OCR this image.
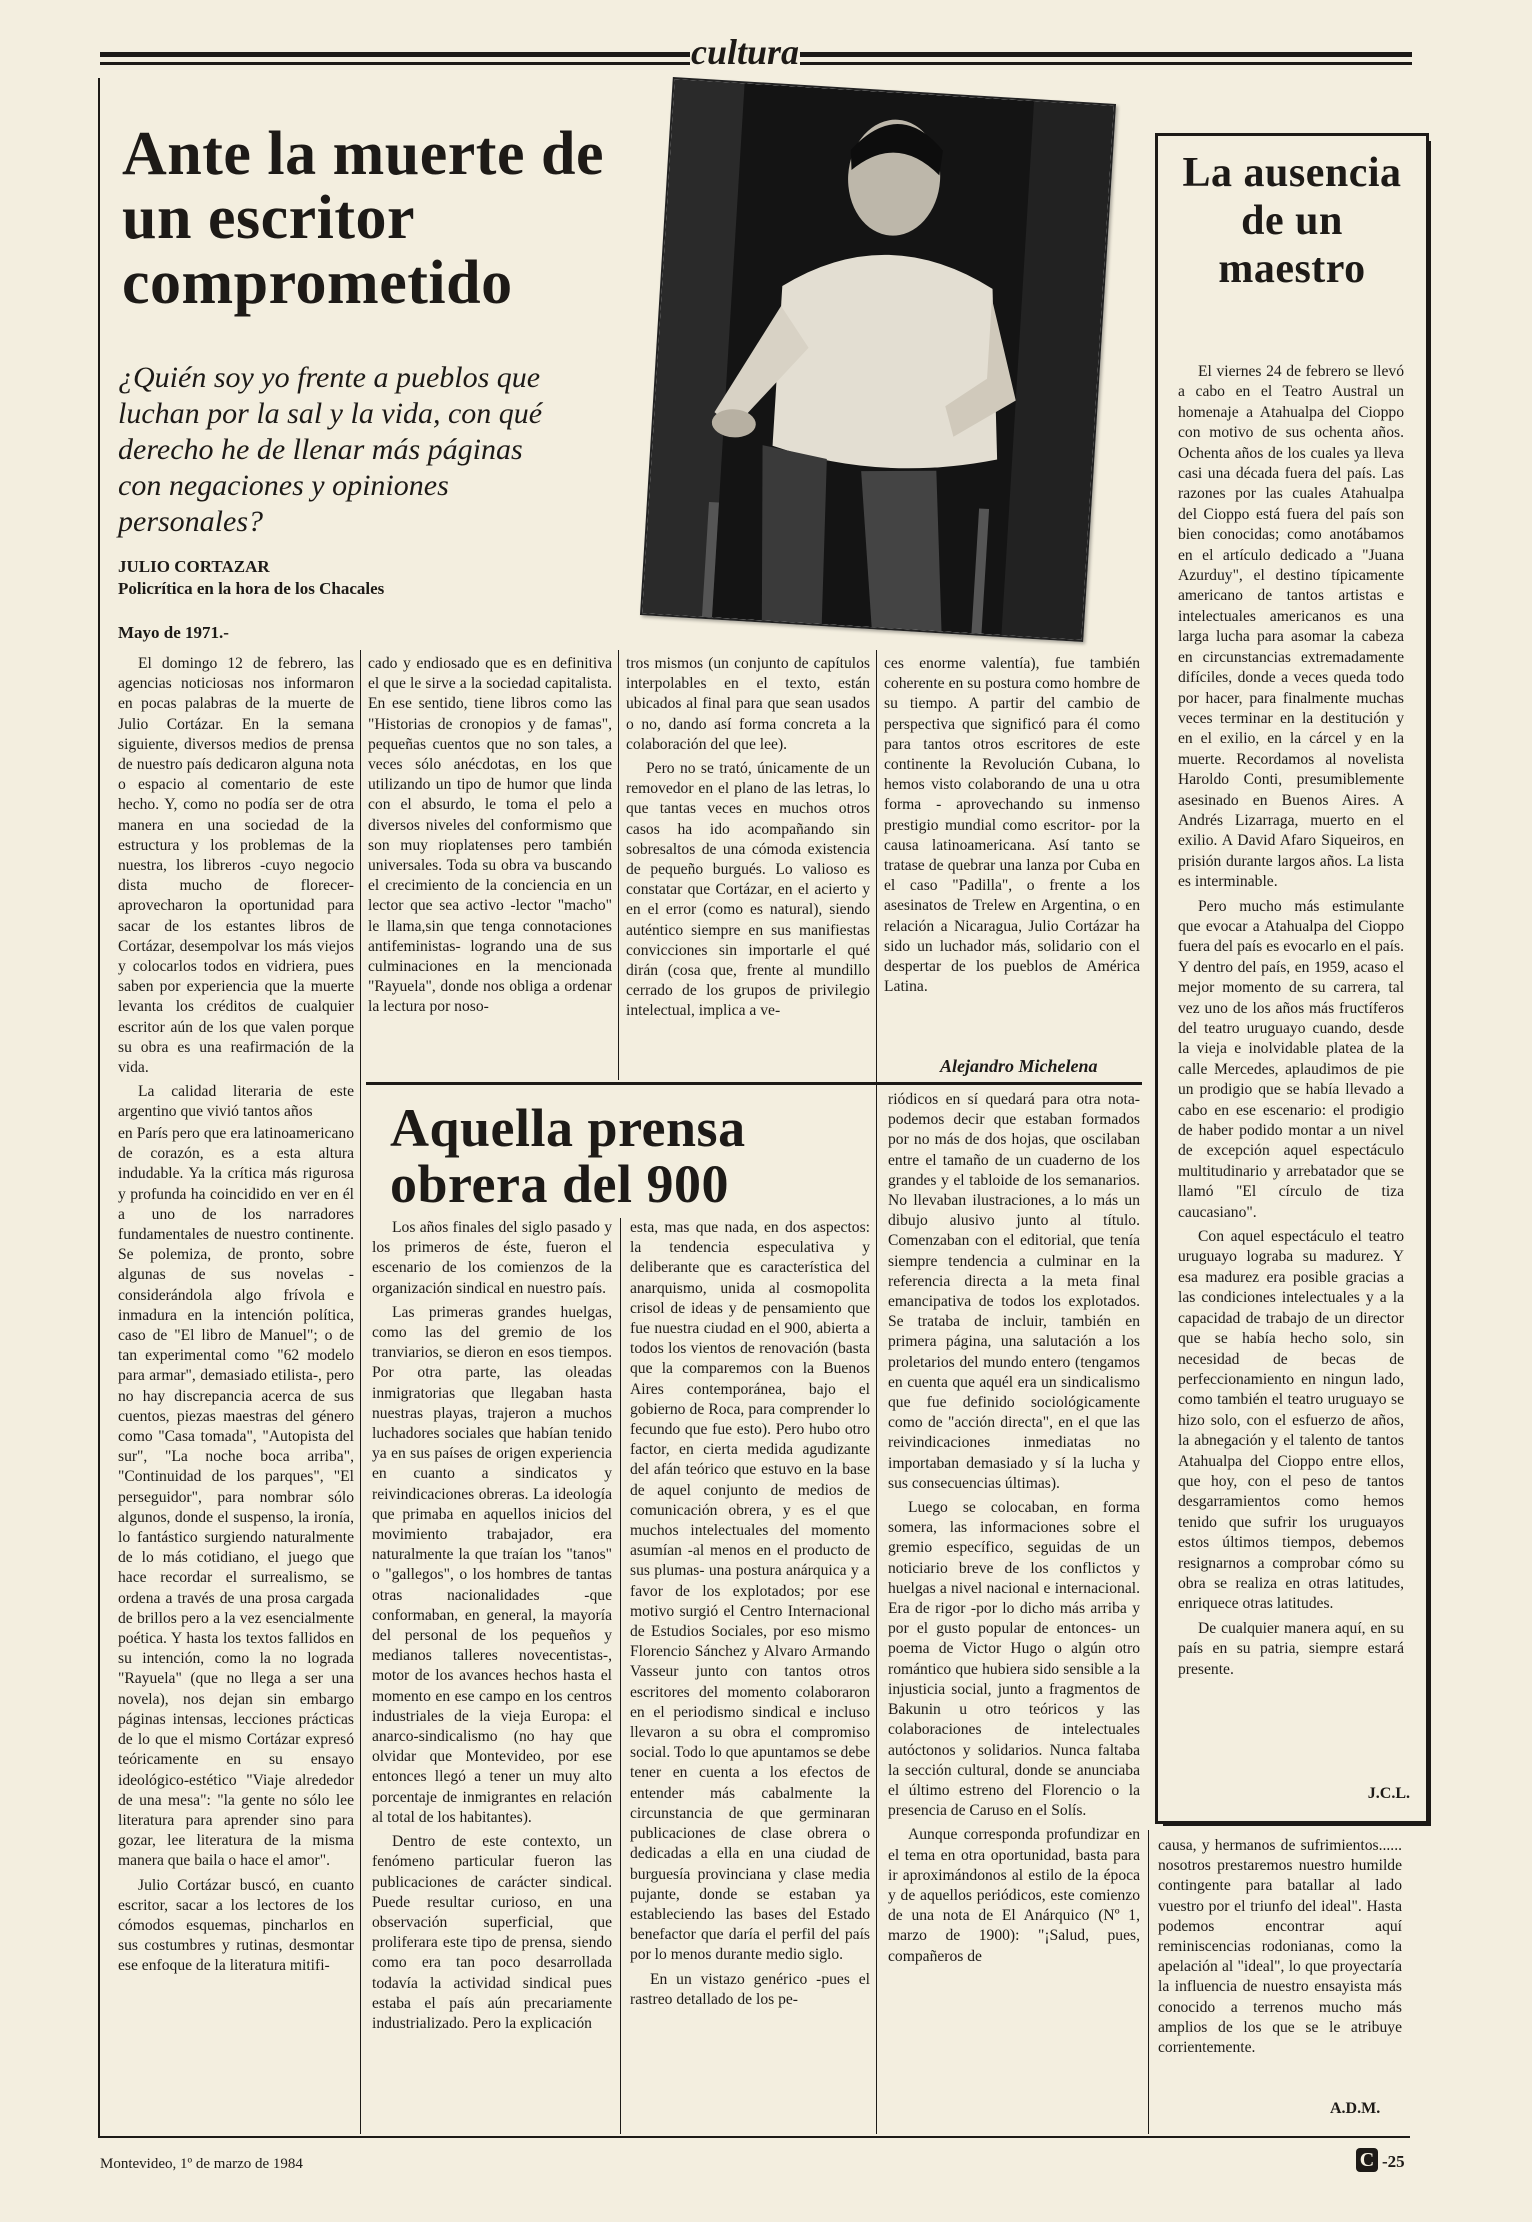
cultura
Ante la muerte de un escritor comprometido
¿Quién soy yo frente a pueblos que luchan por la sal y la vida, con qué derecho he de llenar más páginas con negaciones y opiniones personales?
JULIO CORTAZAR
Policrítica en la hora de los Chacales
Mayo de 1971.-

El domingo 12 de febrero, las agencias noticiosas nos informaron en pocas palabras de la muerte de Julio Cortázar. En la semana siguiente, diversos medios de prensa de nuestro país dedicaron alguna nota o espacio al comentario de este hecho. Y, como no podía ser de otra manera en una sociedad de la estructura y los problemas de la nuestra, los libreros -cuyo negocio dista mucho de florecer- aprovecharon la oportunidad para sacar de los estantes libros de Cortázar, desempolvar los más viejos y colocarlos todos en vidriera, pues saben por experiencia que la muerte levanta los créditos de cualquier escritor aún de los que valen porque su obra es una reafirmación de la vida.

La calidad literaria de este argentino que vivió tantos años

en París pero que era latinoamericano de corazón, es a esta altura indudable. Ya la crítica más rigurosa y profunda ha coincidido en ver en él a uno de los narradores fundamentales de nuestro continente. Se polemiza, de pronto, sobre algunas de sus novelas - considerándola algo frívola e inmadura en la intención política, caso de "El libro de Manuel"; o de tan experimental como "62 modelo para armar", demasiado etilista-, pero no hay discrepancia acerca de sus cuentos, piezas maestras del género como "Casa tomada", "Autopista del sur", "La noche boca arriba", "Continuidad de los parques", "El perseguidor", para nombrar sólo algunos, donde el suspenso, la ironía, lo fantástico surgiendo naturalmente de lo más cotidiano, el juego que hace recordar el surrealismo, se ordena a través de una prosa cargada de brillos pero a la vez esencialmente poética. Y hasta los textos fallidos en su intención, como la no lograda "Rayuela" (que no llega a ser una novela), nos dejan sin embargo páginas intensas, lecciones prácticas de lo que el mismo Cortázar expresó teóricamente en su ensayo ideológico-estético "Viaje alrededor de una mesa": "la gente no sólo lee literatura para aprender sino para gozar, lee literatura de la misma manera que baila o hace el amor".

Julio Cortázar buscó, en cuanto escritor, sacar a los lectores de los cómodos esquemas, pincharlos en sus costumbres y rutinas, desmontar ese enfoque de la literatura mitifi-

cado y endiosado que es en definitiva el que le sirve a la sociedad capitalista. En ese sentido, tiene libros como las "Historias de cronopios y de famas", pequeñas cuentos que no son tales, a veces sólo anécdotas, en los que utilizando un tipo de humor que linda con el absurdo, le toma el pelo a diversos niveles del conformismo que son muy rioplatenses pero también universales. Toda su obra va buscando el crecimiento de la conciencia en un lector que sea activo -lector "macho" le llama,sin que tenga connotaciones antifeministas- logrando una de sus culminaciones en la mencionada "Rayuela", donde nos obliga a ordenar la lectura por noso-

tros mismos (un conjunto de capítulos interpolables en el texto, están ubicados al final para que sean usados o no, dando así forma concreta a la colaboración del que lee).

Pero no se trató, únicamente de un removedor en el plano de las letras, lo que tantas veces en muchos otros casos ha ido acompañando sin sobresaltos de una cómoda existencia de pequeño burgués. Lo valioso es constatar que Cortázar, en el acierto y en el error (como es natural), siendo auténtico siempre en sus manifiestas convicciones sin importarle el qué dirán (cosa que, frente al mundillo cerrado de los grupos de privilegio intelectual, implica a ve-

ces enorme valentía), fue también coherente en su postura como hombre de su tiempo. A partir del cambio de perspectiva que significó para él como para tantos otros escritores de este continente la Revolución Cubana, lo hemos visto colaborando de una u otra forma - aprovechando su inmenso prestigio mundial como escritor- por la causa latinoamericana. Así tanto se tratase de quebrar una lanza por Cuba en el caso "Padilla", o frente a los asesinatos de Trelew en Argentina, o en relación a Nicaragua, Julio Cortázar ha sido un luchador más, solidario con el despertar de los pueblos de América Latina.

Alejandro Michelena
Aquella prensa obrera del 900

Los años finales del siglo pasado y los primeros de éste, fueron el escenario de los comienzos de la organización sindical en nuestro país.

Las primeras grandes huelgas, como las del gremio de los tranviarios, se dieron en esos tiempos. Por otra parte, las oleadas inmigratorias que llegaban hasta nuestras playas, trajeron a muchos luchadores sociales que habían tenido ya en sus países de origen experiencia en cuanto a sindicatos y reivindicaciones obreras. La ideología que primaba en aquellos inicios del movimiento trabajador, era naturalmente la que traían los "tanos" o "gallegos", o los hombres de tantas otras nacionalidades -que conformaban, en general, la mayoría del personal de los pequeños y medianos talleres novecentistas-, motor de los avances hechos hasta el momento en ese campo en los centros industriales de la vieja Europa: el anarco-sindicalismo (no hay que olvidar que Montevideo, por ese entonces llegó a tener un muy alto porcentaje de inmigrantes en relación al total de los habitantes).

Dentro de este contexto, un fenómeno particular fueron las publicaciones de carácter sindical. Puede resultar curioso, en una observación superficial, que proliferara este tipo de prensa, siendo como era tan poco desarrollada todavía la actividad sindical pues estaba el país aún precariamente industrializado. Pero la explicación

esta, mas que nada, en dos aspectos: la tendencia especulativa y deliberante que es característica del anarquismo, unida al cosmopolita crisol de ideas y de pensamiento que fue nuestra ciudad en el 900, abierta a todos los vientos de renovación (basta que la comparemos con la Buenos Aires contemporánea, bajo el gobierno de Roca, para comprender lo fecundo que fue esto). Pero hubo otro factor, en cierta medida agudizante del afán teórico que estuvo en la base de aquel conjunto de medios de comunicación obrera, y es el que muchos intelectuales del momento asumían -al menos en el producto de sus plumas- una postura anárquica y a favor de los explotados; por ese motivo surgió el Centro Internacional de Estudios Sociales, por eso mismo Florencio Sánchez y Alvaro Armando Vasseur junto con tantos otros escritores del momento colaboraron en el periodismo sindical e incluso llevaron a su obra el compromiso social. Todo lo que apuntamos se debe tener en cuenta a los efectos de entender más cabalmente la circunstancia de que germinaran publicaciones de clase obrera o dedicadas a ella en una ciudad de burguesía provinciana y clase media pujante, donde se estaban ya estableciendo las bases del Estado benefactor que daría el perfil del país por lo menos durante medio siglo.

En un vistazo genérico -pues el rastreo detallado de los pe-

riódicos en sí quedará para otra nota- podemos decir que estaban formados por no más de dos hojas, que oscilaban entre el tamaño de un cuaderno de los grandes y el tabloide de los semanarios. No llevaban ilustraciones, a lo más un dibujo alusivo junto al título. Comenzaban con el editorial, que tenía siempre tendencia a culminar en la referencia directa a la meta final emancipativa de todos los explotados. Se trataba de incluir, también en primera página, una salutación a los proletarios del mundo entero (tengamos en cuenta que aquél era un sindicalismo que fue definido sociológicamente como de "acción directa", en el que las reivindicaciones inmediatas no importaban demasiado y sí la lucha y sus consecuencias últimas).

Luego se colocaban, en forma somera, las informaciones sobre el gremio específico, seguidas de un noticiario breve de los conflictos y huelgas a nivel nacional e internacional. Era de rigor -por lo dicho más arriba y por el gusto popular de entonces- un poema de Victor Hugo o algún otro romántico que hubiera sido sensible a la injusticia social, junto a fragmentos de Bakunin u otro teóricos y las colaboraciones de intelectuales autóctonos y solidarios. Nunca faltaba la sección cultural, donde se anunciaba el último estreno del Florencio o la presencia de Caruso en el Solís.

Aunque corresponda profundizar en el tema en otra oportunidad, basta para ir aproximándonos al estilo de la época y de aquellos periódicos, este comienzo de una nota de El Anárquico (Nº 1, marzo de 1900): "¡Salud, pues, compañeros de

causa, y hermanos de sufrimientos...... nosotros prestaremos nuestro humilde contingente para batallar al lado vuestro por el triunfo del ideal". Hasta podemos encontrar aquí reminiscencias rodonianas, como la apelación al "ideal", lo que proyectaría la influencia de nuestro ensayista más conocido a terrenos mucho más amplios de los que se le atribuye corrientemente.

A.D.M.
La ausencia de un maestro

El viernes 24 de febrero se llevó a cabo en el Teatro Austral un homenaje a Atahualpa del Cioppo con motivo de sus ochenta años. Ochenta años de los cuales ya lleva casi una década fuera del país. Las razones por las cuales Atahualpa del Cioppo está fuera del país son bien conocidas; como anotábamos en el artículo dedicado a "Juana Azurduy", el destino típicamente americano de tantos artistas e intelectuales americanos es una larga lucha para asomar la cabeza en circunstancias extremadamente difíciles, donde a veces queda todo por hacer, para finalmente muchas veces terminar en la destitución y en el exilio, en la cárcel y en la muerte. Recordamos al novelista Haroldo Conti, presumiblemente asesinado en Buenos Aires. A Andrés Lizarraga, muerto en el exilio. A David Afaro Siqueiros, en prisión durante largos años. La lista es interminable.

Pero mucho más estimulante que evocar a Atahualpa del Cioppo fuera del país es evocarlo en el país. Y dentro del país, en 1959, acaso el mejor momento de su carrera, tal vez uno de los años más fructíferos del teatro uruguayo cuando, desde la vieja e inolvidable platea de la calle Mercedes, aplaudimos de pie un prodigio que se había llevado a cabo en ese escenario: el prodigio de haber podido montar a un nivel de excepción aquel espectáculo multitudinario y arrebatador que se llamó "El círculo de tiza caucasiano".

Con aquel espectáculo el teatro uruguayo lograba su madurez. Y esa madurez era posible gracias a las condiciones intelectuales y a la capacidad de trabajo de un director que se había hecho solo, sin necesidad de becas de perfeccionamiento en ningun lado, como también el teatro uruguayo se hizo solo, con el esfuerzo de años, la abnegación y el talento de tantos Atahualpa del Cioppo entre ellos, que hoy, con el peso de tantos desgarramientos como hemos tenido que sufrir los uruguayos estos últimos tiempos, debemos resignarnos a comprobar cómo su obra se realiza en otras latitudes, enriquece otras latitudes.

De cualquier manera aquí, en su país en su patria, siempre estará presente.

J.C.L.
Montevideo, 1º de marzo de 1984	C -25
